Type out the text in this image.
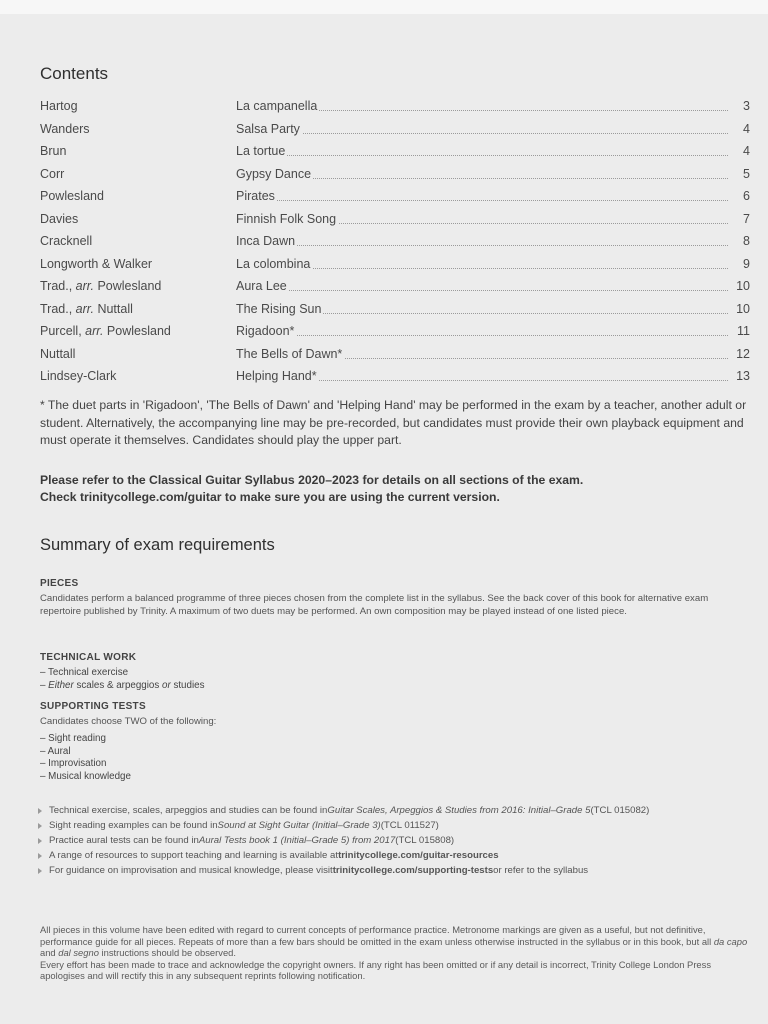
Contents
Hartog	La campanella	3
Wanders	Salsa Party	4
Brun	La tortue	4
Corr	Gypsy Dance	5
Powlesland	Pirates	6
Davies	Finnish Folk Song	7
Cracknell	Inca Dawn	8
Longworth & Walker	La colombina	9
Trad., arr. Powlesland	Aura Lee	10
Trad., arr. Nuttall	The Rising Sun	10
Purcell, arr. Powlesland	Rigadoon*	11
Nuttall	The Bells of Dawn*	12
Lindsey-Clark	Helping Hand*	13
* The duet parts in 'Rigadoon', 'The Bells of Dawn' and 'Helping Hand' may be performed in the exam by a teacher, another adult or student. Alternatively, the accompanying line may be pre-recorded, but candidates must provide their own playback equipment and must operate it themselves. Candidates should play the upper part.
Please refer to the Classical Guitar Syllabus 2020–2023 for details on all sections of the exam.
Check trinitycollege.com/guitar to make sure you are using the current version.
Summary of exam requirements
PIECES
Candidates perform a balanced programme of three pieces chosen from the complete list in the syllabus. See the back cover of this book for alternative exam repertoire published by Trinity. A maximum of two duets may be performed. An own composition may be played instead of one listed piece.
TECHNICAL WORK
– Technical exercise
– Either scales & arpeggios or studies
SUPPORTING TESTS
Candidates choose TWO of the following:
– Sight reading
– Aural
– Improvisation
– Musical knowledge
Technical exercise, scales, arpeggios and studies can be found in Guitar Scales, Arpeggios & Studies from 2016: Initial–Grade 5 (TCL 015082)
Sight reading examples can be found in Sound at Sight Guitar (Initial–Grade 3) (TCL 011527)
Practice aural tests can be found in Aural Tests book 1 (Initial–Grade 5) from 2017 (TCL 015808)
A range of resources to support teaching and learning is available at trinitycollege.com/guitar-resources
For guidance on improvisation and musical knowledge, please visit trinitycollege.com/supporting-tests or refer to the syllabus
All pieces in this volume have been edited with regard to current concepts of performance practice. Metronome markings are given as a useful, but not definitive, performance guide for all pieces. Repeats of more than a few bars should be omitted in the exam unless otherwise instructed in the syllabus or in this book, but all da capo and dal segno instructions should be observed.
Every effort has been made to trace and acknowledge the copyright owners. If any right has been omitted or if any detail is incorrect, Trinity College London Press apologises and will rectify this in any subsequent reprints following notification.
